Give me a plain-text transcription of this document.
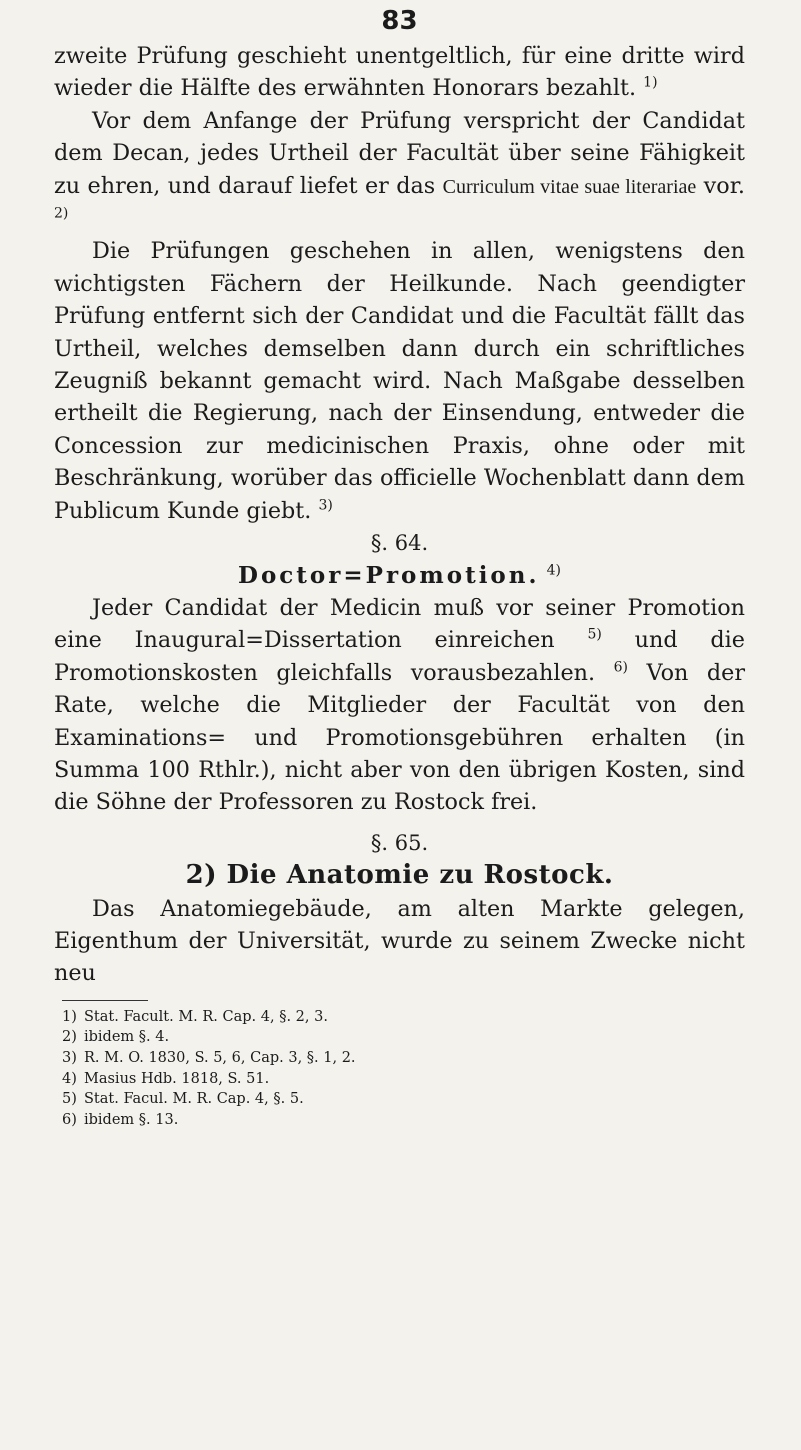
83

zweite Prüfung geschieht unentgeltlich, für eine dritte wird wieder die Hälfte des erwähnten Honorars bezahlt. $^{1)}$

Vor dem Anfange der Prüfung verspricht der Candidat dem Decan, jedes Urtheil der Facultät über seine Fähigkeit zu ehren, und darauf liefet er das Curriculum vitae suae literariae vor. $^{2)}$

Die Prüfungen geschehen in allen, wenigstens den wichtigsten Fächern der Heilkunde. Nach geendigter Prüfung entfernt sich der Candidat und die Facultät fällt das Urtheil, welches demselben dann durch ein schriftliches Zeugniß bekannt gemacht wird. Nach Maßgabe desselben ertheilt die Regierung, nach der Einsendung, entweder die Concession zur medicinischen Praxis, ohne oder mit Beschränkung, worüber das officielle Wochenblatt dann dem Publicum Kunde giebt. $^{3)}$

§. 64.

Doctor=Promotion. $^{4)}$

Jeder Candidat der Medicin muß vor seiner Promotion eine Inaugural=Dissertation einreichen $^{5)}$ und die Promotionskosten gleichfalls vorausbezahlen. $^{6)}$ Von der Rate, welche die Mitglieder der Facultät von den Examinations= und Promotionsgebühren erhalten (in Summa 100 Rthlr.), nicht aber von den übrigen Kosten, sind die Söhne der Professoren zu Rostock frei.

§. 65.

2) Die Anatomie zu Rostock.

Das Anatomiegebäude, am alten Markte gelegen, Eigenthum der Universität, wurde zu seinem Zwecke nicht neu

1) Stat. Facult. M. R. Cap. 4, §. 2, 3.
2) ibidem §. 4.
3) R. M. O. 1830, S. 5, 6, Cap. 3, §. 1, 2.
4) Masius Hdb. 1818, S. 51.
5) Stat. Facul. M. R. Cap. 4, §. 5.
6) ibidem §. 13.
